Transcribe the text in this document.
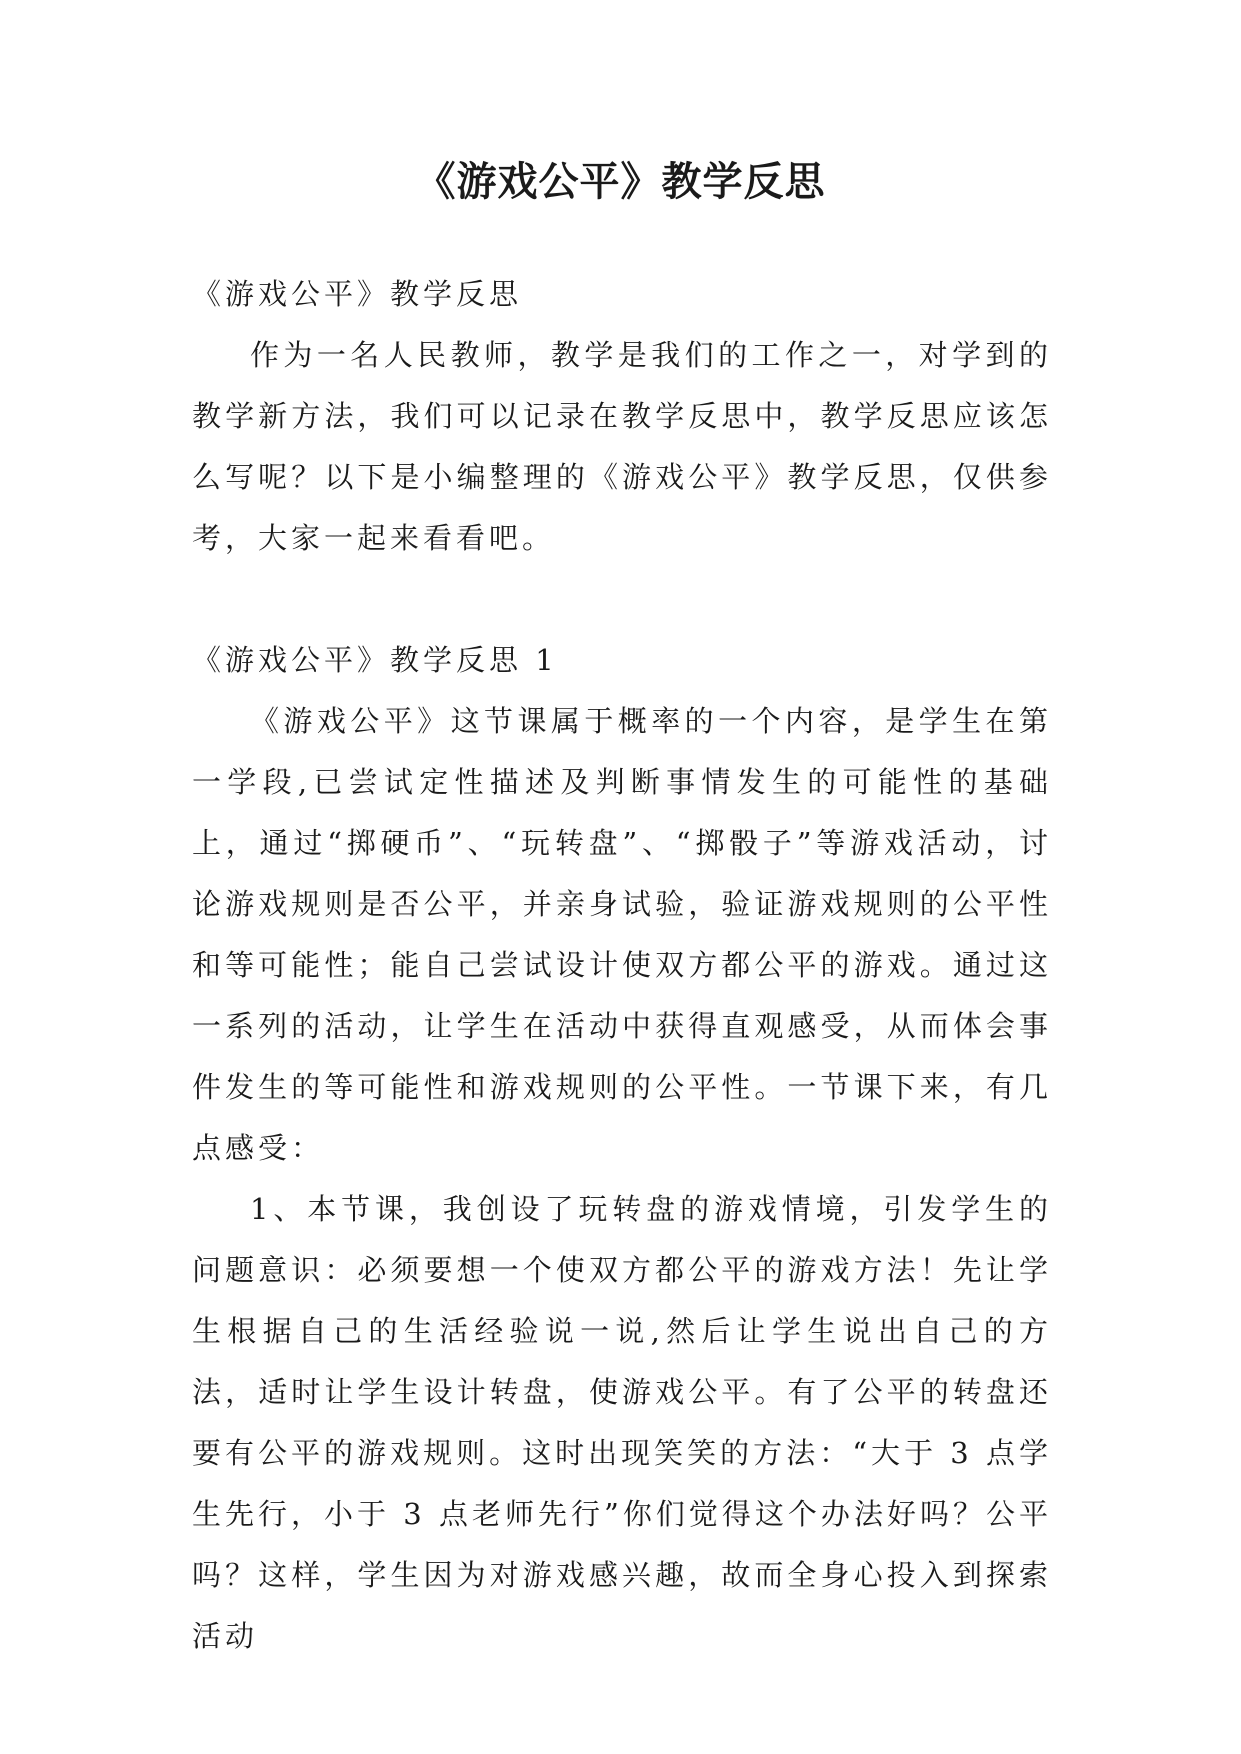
《游戏公平》教学反思

《游戏公平》教学反思

作为一名人民教师，教学是我们的工作之一，对学到的教学新方法，我们可以记录在教学反思中，教学反思应该怎么写呢？以下是小编整理的《游戏公平》教学反思，仅供参考，大家一起来看看吧。

《游戏公平》教学反思 1

《游戏公平》这节课属于概率的一个内容，是学生在第一学段,已尝试定性描述及判断事情发生的可能性的基础上，通过“掷硬币”、“玩转盘”、“掷骰子”等游戏活动，讨论游戏规则是否公平，并亲身试验，验证游戏规则的公平性和等可能性；能自己尝试设计使双方都公平的游戏。通过这一系列的活动，让学生在活动中获得直观感受，从而体会事件发生的等可能性和游戏规则的公平性。一节课下来，有几点感受：

1、本节课，我创设了玩转盘的游戏情境，引发学生的问题意识：必须要想一个使双方都公平的游戏方法！先让学生根据自己的生活经验说一说,然后让学生说出自己的方法，适时让学生设计转盘，使游戏公平。有了公平的转盘还要有公平的游戏规则。这时出现笑笑的方法：“大于 3 点学生先行，小于 3 点老师先行”你们觉得这个办法好吗？公平吗？这样，学生因为对游戏感兴趣，故而全身心投入到探索活动
